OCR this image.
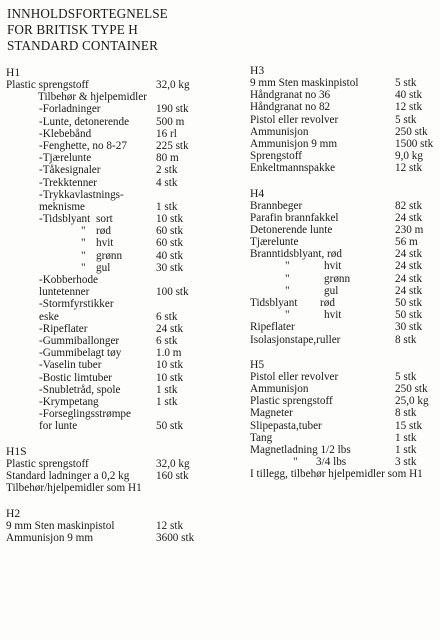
INNHOLDSFORTEGNELSE
FOR BRITISK TYPE H
STANDARD CONTAINER
H1
Plastic sprengstoff	32,0 kg
Tilbehør & hjelpemidler
-Forladninger	190 stk
-Lunte, detonerende 500 m
-Klebebånd	16 rl
-Fenghette, no 8-27	225 stk
-Tjærelunte	80 m
-Tåkesignaler	2 stk
-Trekktenner	4 stk
-Trykkavlastnings-
meknisme	1 stk
-Tidsblyant sort	10 stk
" rød	60 stk
" hvit	60 stk
" grønn	40 stk
" gul	30 stk
-Kobberhode
luntetenner	100 stk
-Stormfyrstikker
eske	6 stk
-Ripeflater	24 stk
-Gummiballonger	6 stk
-Gummibelagt tøy	1.0 m
-Vaselin tuber	10 stk
-Bostic limtuber	10 stk
-Snubletråd, spole	1 stk
-Krympetang	1 stk
-Forseglingsstrømpe
for lunte	50 stk
H1S
Plastic sprengstoff	32,0 kg
Standard ladninger a 0,2 kg 160 stk
Tilbehør/hjelpemidler som H1
H2
9 mm Sten maskinpistol	12 stk
Ammunisjon 9 mm	3600 stk
H3
9 mm Sten maskinpistol	5 stk
Håndgranat no 36	40 stk
Håndgranat no 82	12 stk
Pistol eller revolver	5 stk
Ammunisjon	250 stk
Ammunisjon 9 mm	1500 stk
Sprengstoff	9,0 kg
Enkeltmannspakke	12 stk
H4
Brannbeger	82 stk
Parafin brannfakkel	24 stk
Detonerende lunte	230 m
Tjærelunte	56 m
Branntidsblyant, rød	24 stk
"	hvit	24 stk
"	grønn	24 stk
"	gul	24 stk
Tidsblyant rød	50 stk
"	hvit	50 stk
Ripeflater	30 stk
Isolasjonstape,ruller	8 stk
H5
Pistol eller revolver	5 stk
Ammunisjon	250 stk
Plastic sprengstoff	25,0 kg
Magneter	8 stk
Slipepasta,tuber	15 stk
Tang	1 stk
Magnetladning 1/2 lbs	1 stk
" 3/4 lbs	3 stk
I tillegg, tilbehør hjelpemidler som H1
